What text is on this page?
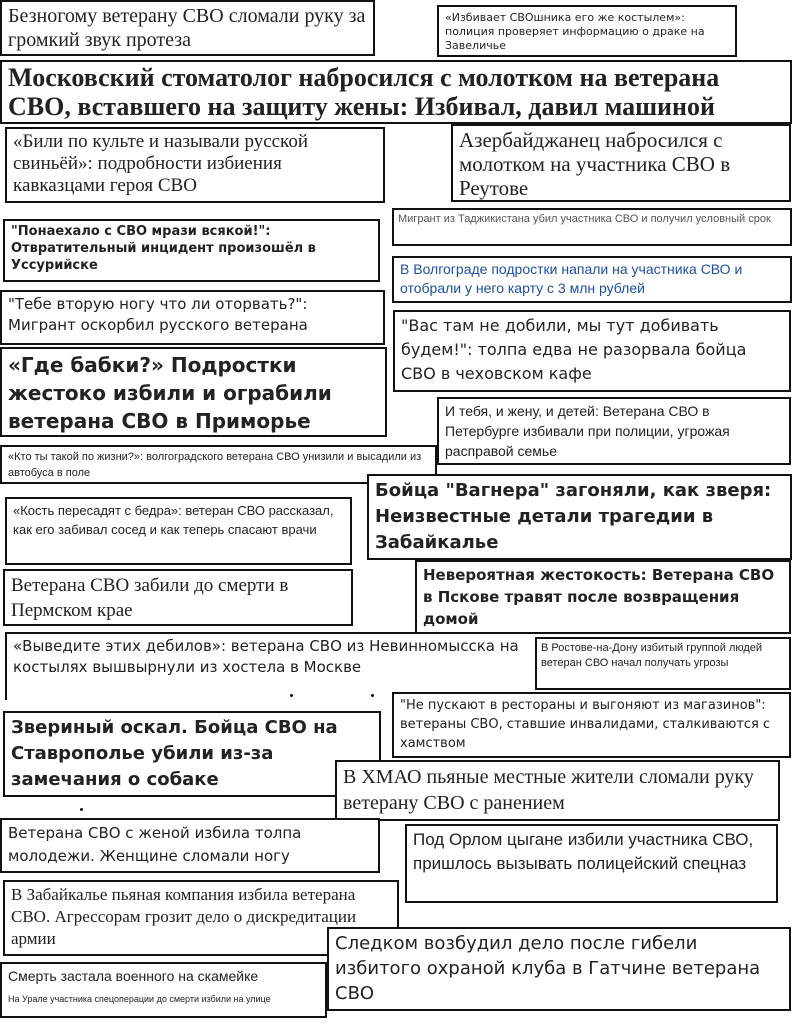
Безногому ветерану СВО сломали руку за громкий звук протеза
«Избивает СВОшника его же костылем»: полиция проверяет информацию о драке на Завеличье
Московский стоматолог набросился с молотком на ветерана СВО, вставшего на защиту жены: Избивал, давил машиной
«Били по культе и называли русской свиньёй»: подробности избиения кавказцами героя СВО
Азербайджанец набросился с молотком на участника СВО в Реутове
Мигрант из Таджикистана убил участника СВО и получил условный срок
"Понаехало с СВО мрази всякой!": Отвратительный инцидент произошёл в Уссурийске	В Волгограде подростки напали на участника СВО и отобрали у него карту с 3 млн рублей
"Тебе вторую ногу что ли оторвать?": Мигрант оскорбил русского ветерана	"Вас там не добили, мы тут добивать будем!": толпа едва не разорвала бойца СВО в чеховском кафе
«Где бабки?» Подростки жестоко избили и ограбили ветерана СВО в Приморье	И тебя, и жену, и детей: Ветерана СВО в Петербурге избивали при полиции, угрожая расправой семье
«Кто ты такой по жизни?»: волгоградского ветерана СВО унизили и высадили из автобуса в поле
Бойца "Вагнера" загоняли, как зверя: Неизвестные детали трагедии в Забайкалье
«Кость пересадят с бедра»: ветеран СВО рассказал, как его забивал сосед и как теперь спасают врачи
Ветерана СВО забили до смерти в Пермском крае
Невероятная жестокость: Ветерана СВО в Пскове травят после возвращения домой
«Выведите этих дебилов»: ветерана СВО из Невинномысска на костылях вышвырнули из хостела в Москве
В Ростове-на-Дону избитый группой людей ветеран СВО начал получать угрозы
"Не пускают в рестораны и выгоняют из магазинов": ветераны СВО, ставшие инвалидами, сталкиваются с хамством
Звериный оскал. Бойца СВО на Ставрополье убили из-за замечания о собаке	В ХМАО пьяные местные жители сломали руку ветерану СВО с ранением
Ветерана СВО с женой избила толпа молодежи. Женщине сломали ногу
Под Орлом цыгане избили участника СВО, пришлось вызывать полицейский спецназ
В Забайкалье пьяная компания избила ветерана СВО. Агрессорам грозит дело о дискредитации армии	Следком возбудил дело после гибели избитого охраной клуба в Гатчине ветерана СВО
Смерть застала военного на скамейке
На Урале участника спецоперации до смерти избили на улице
